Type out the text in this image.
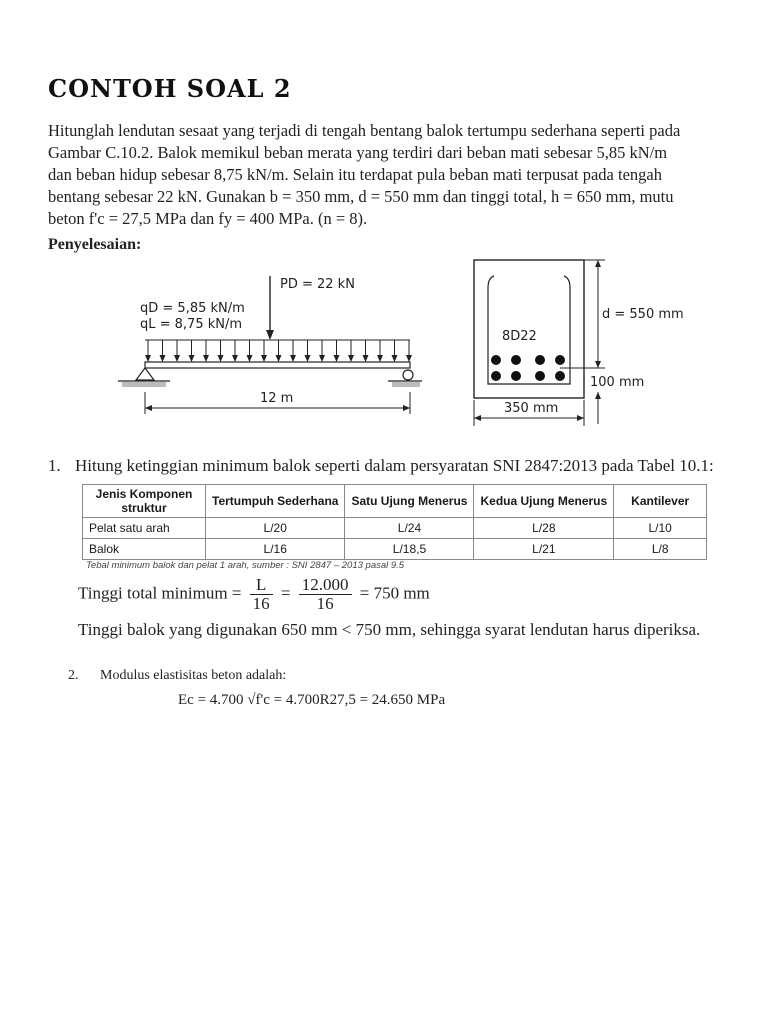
CONTOH SOAL 2
Hitunglah lendutan sesaat yang terjadi di tengah bentang balok tertumpu sederhana seperti pada
Gambar C.10.2. Balok memikul beban merata yang terdiri dari beban mati sebesar 5,85 kN/m
dan beban hidup sebesar 8,75 kN/m. Selain itu terdapat pula beban mati terpusat pada tengah
bentang sebesar 22 kN. Gunakan b = 350 mm, d = 550 mm dan tinggi total, h = 650 mm, mutu
beton f'c = 27,5 MPa dan fy = 400 MPa. (n = 8).
Penyelesaian:
PD = 22 kN
qD = 5,85 kN/m
qL = 8,75 kN/m
12 m
8D22
d = 550 mm
100 mm
350 mm
1. Hitung ketinggian minimum balok seperti dalam persyaratan SNI 2847:2013 pada Tabel 10.1:
Jenis Komponen struktur	Tertumpuh Sederhana	Satu Ujung Menerus	Kedua Ujung Menerus	Kantilever
Pelat satu arah	L/20	L/24	L/28	L/10
Balok	L/16	L/18,5	L/21	L/8
Tebal minimum balok dan pelat 1 arah, sumber : SNI 2847 – 2013 pasal 9.5
Tinggi total minimum = $\frac{L}{16} = \frac{12.000}{16} = 750$ mm
Tinggi balok yang digunakan 650 mm < 750 mm, sehingga syarat lendutan harus diperiksa.
2. Modulus elastisitas beton adalah:
Ec = 4.700 √f'c = 4.700R27,5 = 24.650 MPa
